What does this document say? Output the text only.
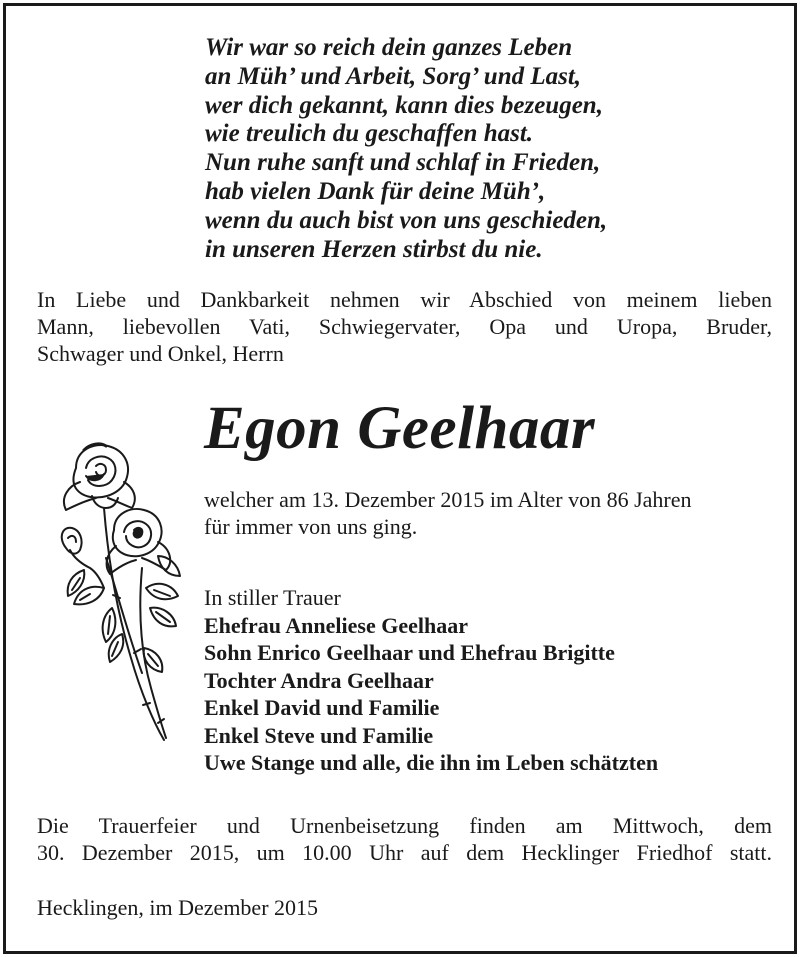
Wir war so reich dein ganzes Leben
an Müh’ und Arbeit, Sorg’ und Last,
wer dich gekannt, kann dies bezeugen,
wie treulich du geschaffen hast.
Nun ruhe sanft und schlaf in Frieden,
hab vielen Dank für deine Müh’,
wenn du auch bist von uns geschieden,
in unseren Herzen stirbst du nie.
In Liebe und Dankbarkeit nehmen wir Abschied von meinem lieben
Mann, liebevollen Vati, Schwiegervater, Opa und Uropa, Bruder,
Schwager und Onkel, Herrn
Egon Geelhaar
welcher am 13. Dezember 2015 im Alter von 86 Jahren
für immer von uns ging.
In stiller Trauer
Ehefrau Anneliese Geelhaar
Sohn Enrico Geelhaar und Ehefrau Brigitte
Tochter Andra Geelhaar
Enkel David und Familie
Enkel Steve und Familie
Uwe Stange und alle, die ihn im Leben schätzten
Die Trauerfeier und Urnenbeisetzung finden am Mittwoch, dem
30. Dezember 2015, um 10.00 Uhr auf dem Hecklinger Friedhof statt.
Hecklingen, im Dezember 2015
